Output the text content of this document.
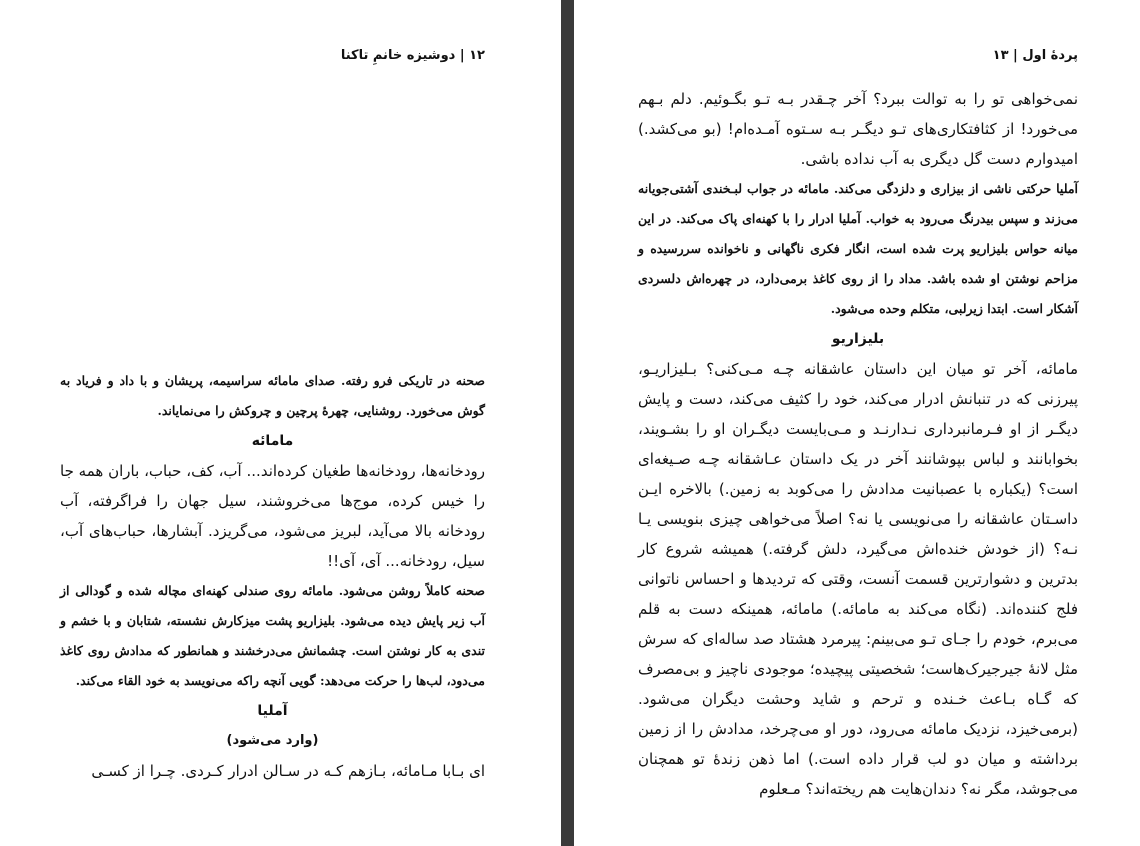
۱۲ | دوشیزه خانمِ تاکنا

صحنه در تاریکی فرو رفته. صدای مامائه سراسیمه، پریشان و با داد و فریاد به گوش می‌خورد. روشنایی، چهرهٔ پرچین و چروکش را می‌نمایاند.

مامائه

رودخانه‌ها، رودخانه‌ها طغیان کرده‌اند... آب، کف، حباب، باران همه جا را خیس کرده، موج‌ها می‌خروشند، سیل جهان را فراگرفته، آب رودخانه بالا می‌آید، لبریز می‌شود، می‌گریزد. آبشارها، حباب‌های آب، سیل، رودخانه... آی، آی!!

صحنه کاملاً روشن می‌شود. مامائه روی صندلی کهنه‌ای مچاله شده و گودالی از آب زیر پایش دیده می‌شود. بلیزاریو پشت میزکارش نشسته، شتابان و با خشم و تندی به کار نوشتن است. چشمانش می‌درخشند و همانطور که مدادش روی کاغذ می‌دود، لب‌ها را حرکت می‌دهد: گویی آنچه راکه می‌نویسد به خود القاء می‌کند.

آملیا

(وارد می‌شود)

ای بـابا مـامائه، بـازهم کـه در سـالن ادرار کـردی. چـرا از کسـی

پردهٔ اول | ۱۳

نمی‌خواهی تو را به توالت ببرد؟ آخر چـقدر بـه تـو بگـوئیم. دلم بـهم می‌خورد! از کثافتکاری‌های تـو دیگـر بـه سـتوه آمـده‌ام! (بو می‌کشد.) امیدوارم دست گل دیگری به آب نداده باشی.

آملیا حرکتی ناشی از بیزاری و دلزدگی می‌کند. مامائه در جواب لبـخندی آشتی‌جویانه می‌زند و سپس بیدرنگ می‌رود به خواب. آملیا ادرار را با کهنه‌ای پاک می‌کند. در این میانه حواس بلیزاریو پرت شده است، انگار فکری ناگهانی و ناخوانده سررسیده و مزاحم نوشتن او شده باشد. مداد را از روی کاغذ برمی‌دارد، در چهره‌اش دلسردی آشکار است. ابتدا زیرلبی، متکلم وحده می‌شود.

بلیزاریو

مامائه، آخر تو میان این داستان عاشقانه چـه مـی‌کنی؟ بـلیزاریـو، پیرزنی که در تنبانش ادرار می‌کند، خود را کثیف می‌کند، دست و پایش دیگـر از او فـرمانبرداری نـدارنـد و مـی‌بایست دیگـران او را بشـویند، بخوابانند و لباس بپوشانند آخر در یک داستان عـاشقانه چـه صـیغه‌ای است؟ (یکباره با عصبانیت مدادش را می‌کوبد به زمین.) بالاخره ایـن داسـتان عاشقانه را می‌نویسی یا نه؟ اصلاً می‌خواهی چیزی بنویسی یـا نـه؟ (از خودش خنده‌اش می‌گیرد، دلش گرفته.) همیشه شروع کار بدترین و دشوارترین قسمت آنست، وقتی که تردیدها و احساس ناتوانی فلج کننده‌اند. (نگاه می‌کند به مامائه.) مامائه، همینکه دست به قلم می‌برم، خودم را جـای تـو می‌بینم: پیرمرد هشتاد صد ساله‌ای که سرش مثل لانهٔ جیرجیرک‌هاست؛ شخصیتی پیچیده؛ موجودی ناچیز و بی‌مصرف که گـاه بـاعث خـنده و ترحم و شاید وحشت دیگران می‌شود. (برمی‌خیزد، نزدیک مامائه می‌رود، دور او می‌چرخد، مدادش را از زمین برداشته و میان دو لب قرار داده است.) اما ذهن زندهٔ تو همچنان می‌جوشد، مگر نه؟ دندان‌هایت هم ریخته‌اند؟ مـعلوم
